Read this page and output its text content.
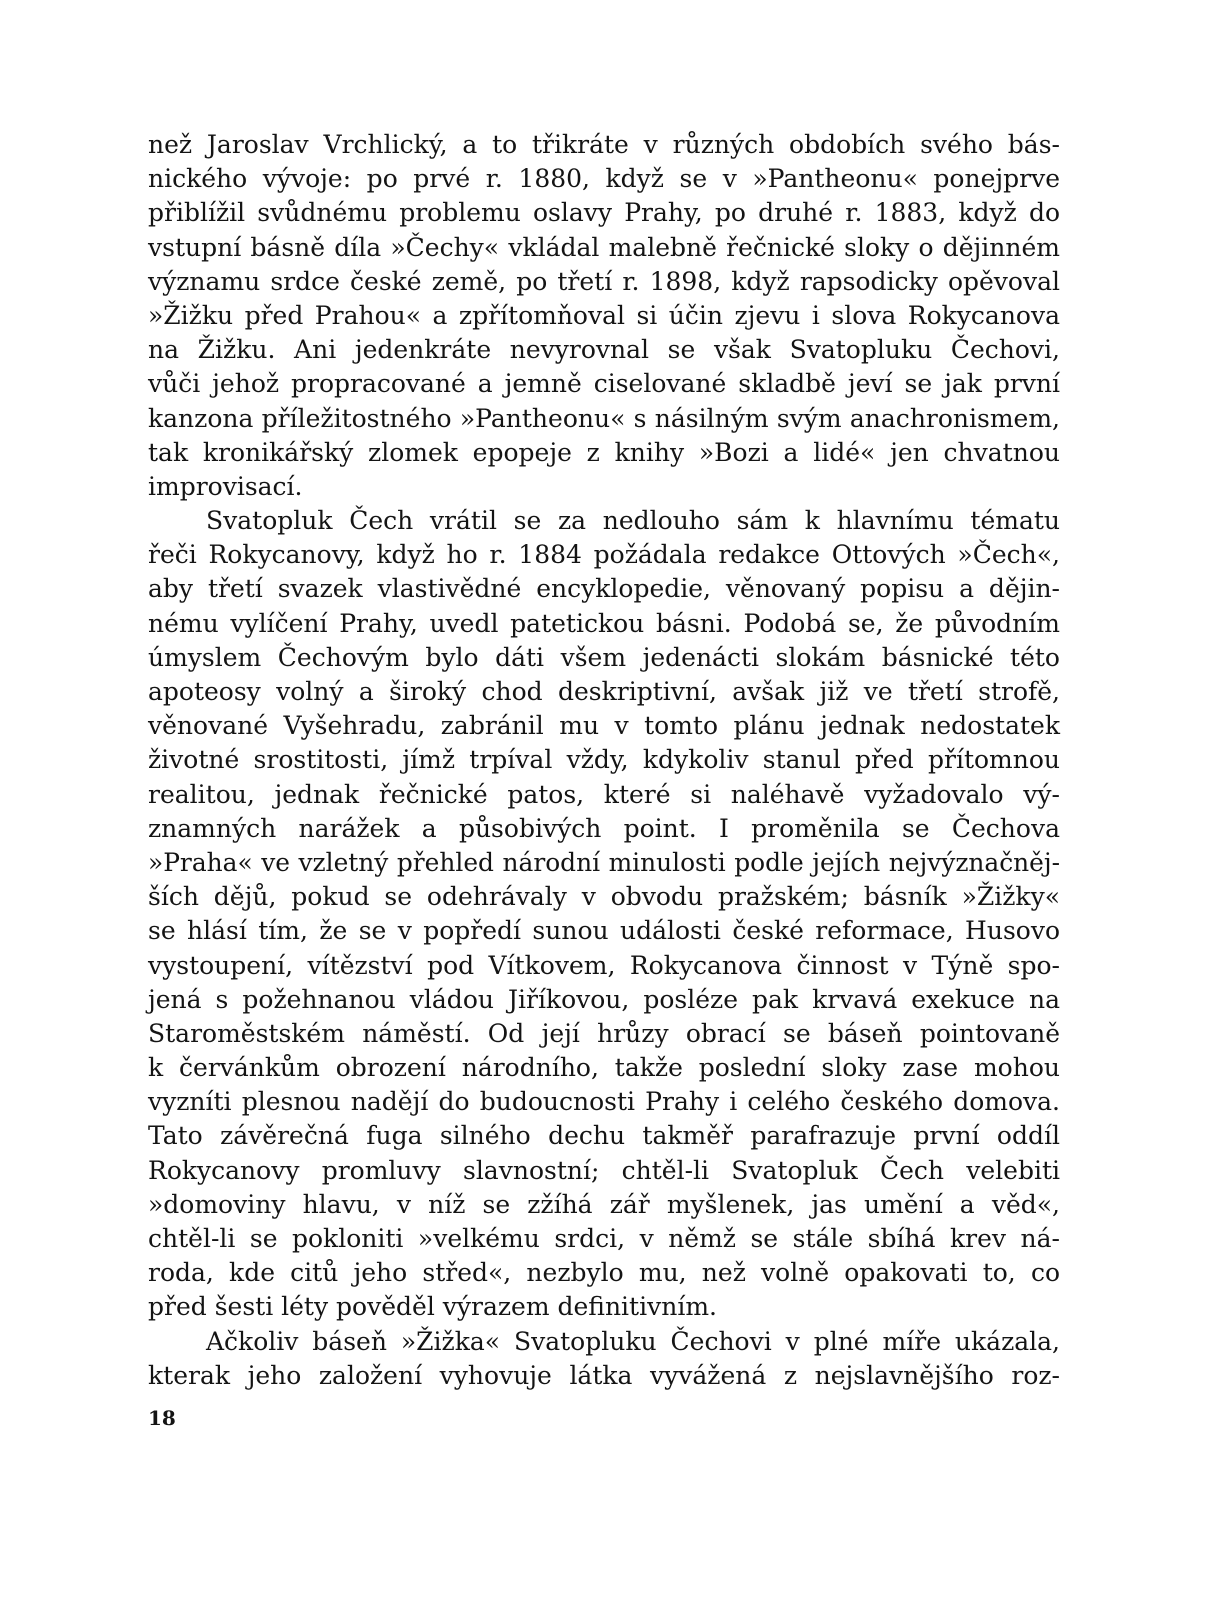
než Jaroslav Vrchlický, a to třikráte v různých obdobích svého bás-
nického vývoje: po prvé r. 1880, když se v »Pantheonu« ponejprve
přiblížil svůdnému problemu oslavy Prahy, po druhé r. 1883, když do
vstupní básně díla »Čechy« vkládal malebně řečnické sloky o dějinném
významu srdce české země, po třetí r. 1898, když rapsodicky opěvoval
»Žižku před Prahou« a zpřítomňoval si účin zjevu i slova Rokycanova
na Žižku. Ani jedenkráte nevyrovnal se však Svatopluku Čechovi,
vůči jehož propracované a jemně ciselované skladbě jeví se jak první
kanzona příležitostného »Pantheonu« s násilným svým anachronismem,
tak kronikářský zlomek epopeje z knihy »Bozi a lidé« jen chvatnou
improvisací.
Svatopluk Čech vrátil se za nedlouho sám k hlavnímu tématu
řeči Rokycanovy, když ho r. 1884 požádala redakce Ottových »Čech«,
aby třetí svazek vlastivědné encyklopedie, věnovaný popisu a dějin-
nému vylíčení Prahy, uvedl patetickou básni. Podobá se, že původním
úmyslem Čechovým bylo dáti všem jedenácti slokám básnické této
apoteosy volný a široký chod deskriptivní, avšak již ve třetí strofě,
věnované Vyšehradu, zabránil mu v tomto plánu jednak nedostatek
životné srostitosti, jímž trpíval vždy, kdykoliv stanul před přítomnou
realitou, jednak řečnické patos, které si naléhavě vyžadovalo vý-
znamných narážek a působivých point. I proměnila se Čechova
»Praha« ve vzletný přehled národní minulosti podle jejích nejvýznačněj-
ších dějů, pokud se odehrávaly v obvodu pražském; básník »Žižky«
se hlásí tím, že se v popředí sunou události české reformace, Husovo
vystoupení, vítězství pod Vítkovem, Rokycanova činnost v Týně spo-
jená s požehnanou vládou Jiříkovou, posléze pak krvavá exekuce na
Staroměstském náměstí. Od její hrůzy obrací se báseň pointovaně
k červánkům obrození národního, takže poslední sloky zase mohou
vyzníti plesnou nadějí do budoucnosti Prahy i celého českého domova.
Tato závěrečná fuga silného dechu takměř parafrazuje první oddíl
Rokycanovy promluvy slavnostní; chtěl-li Svatopluk Čech velebiti
»domoviny hlavu, v níž se zžíhá zář myšlenek, jas umění a věd«,
chtěl-li se pokloniti »velkému srdci, v němž se stále sbíhá krev ná-
roda, kde citů jeho střed«, nezbylo mu, než volně opakovati to, co
před šesti léty pověděl výrazem definitivním.
Ačkoliv báseň »Žižka« Svatopluku Čechovi v plné míře ukázala,
kterak jeho založení vyhovuje látka vyvážená z nejslavnějšího roz-
18
